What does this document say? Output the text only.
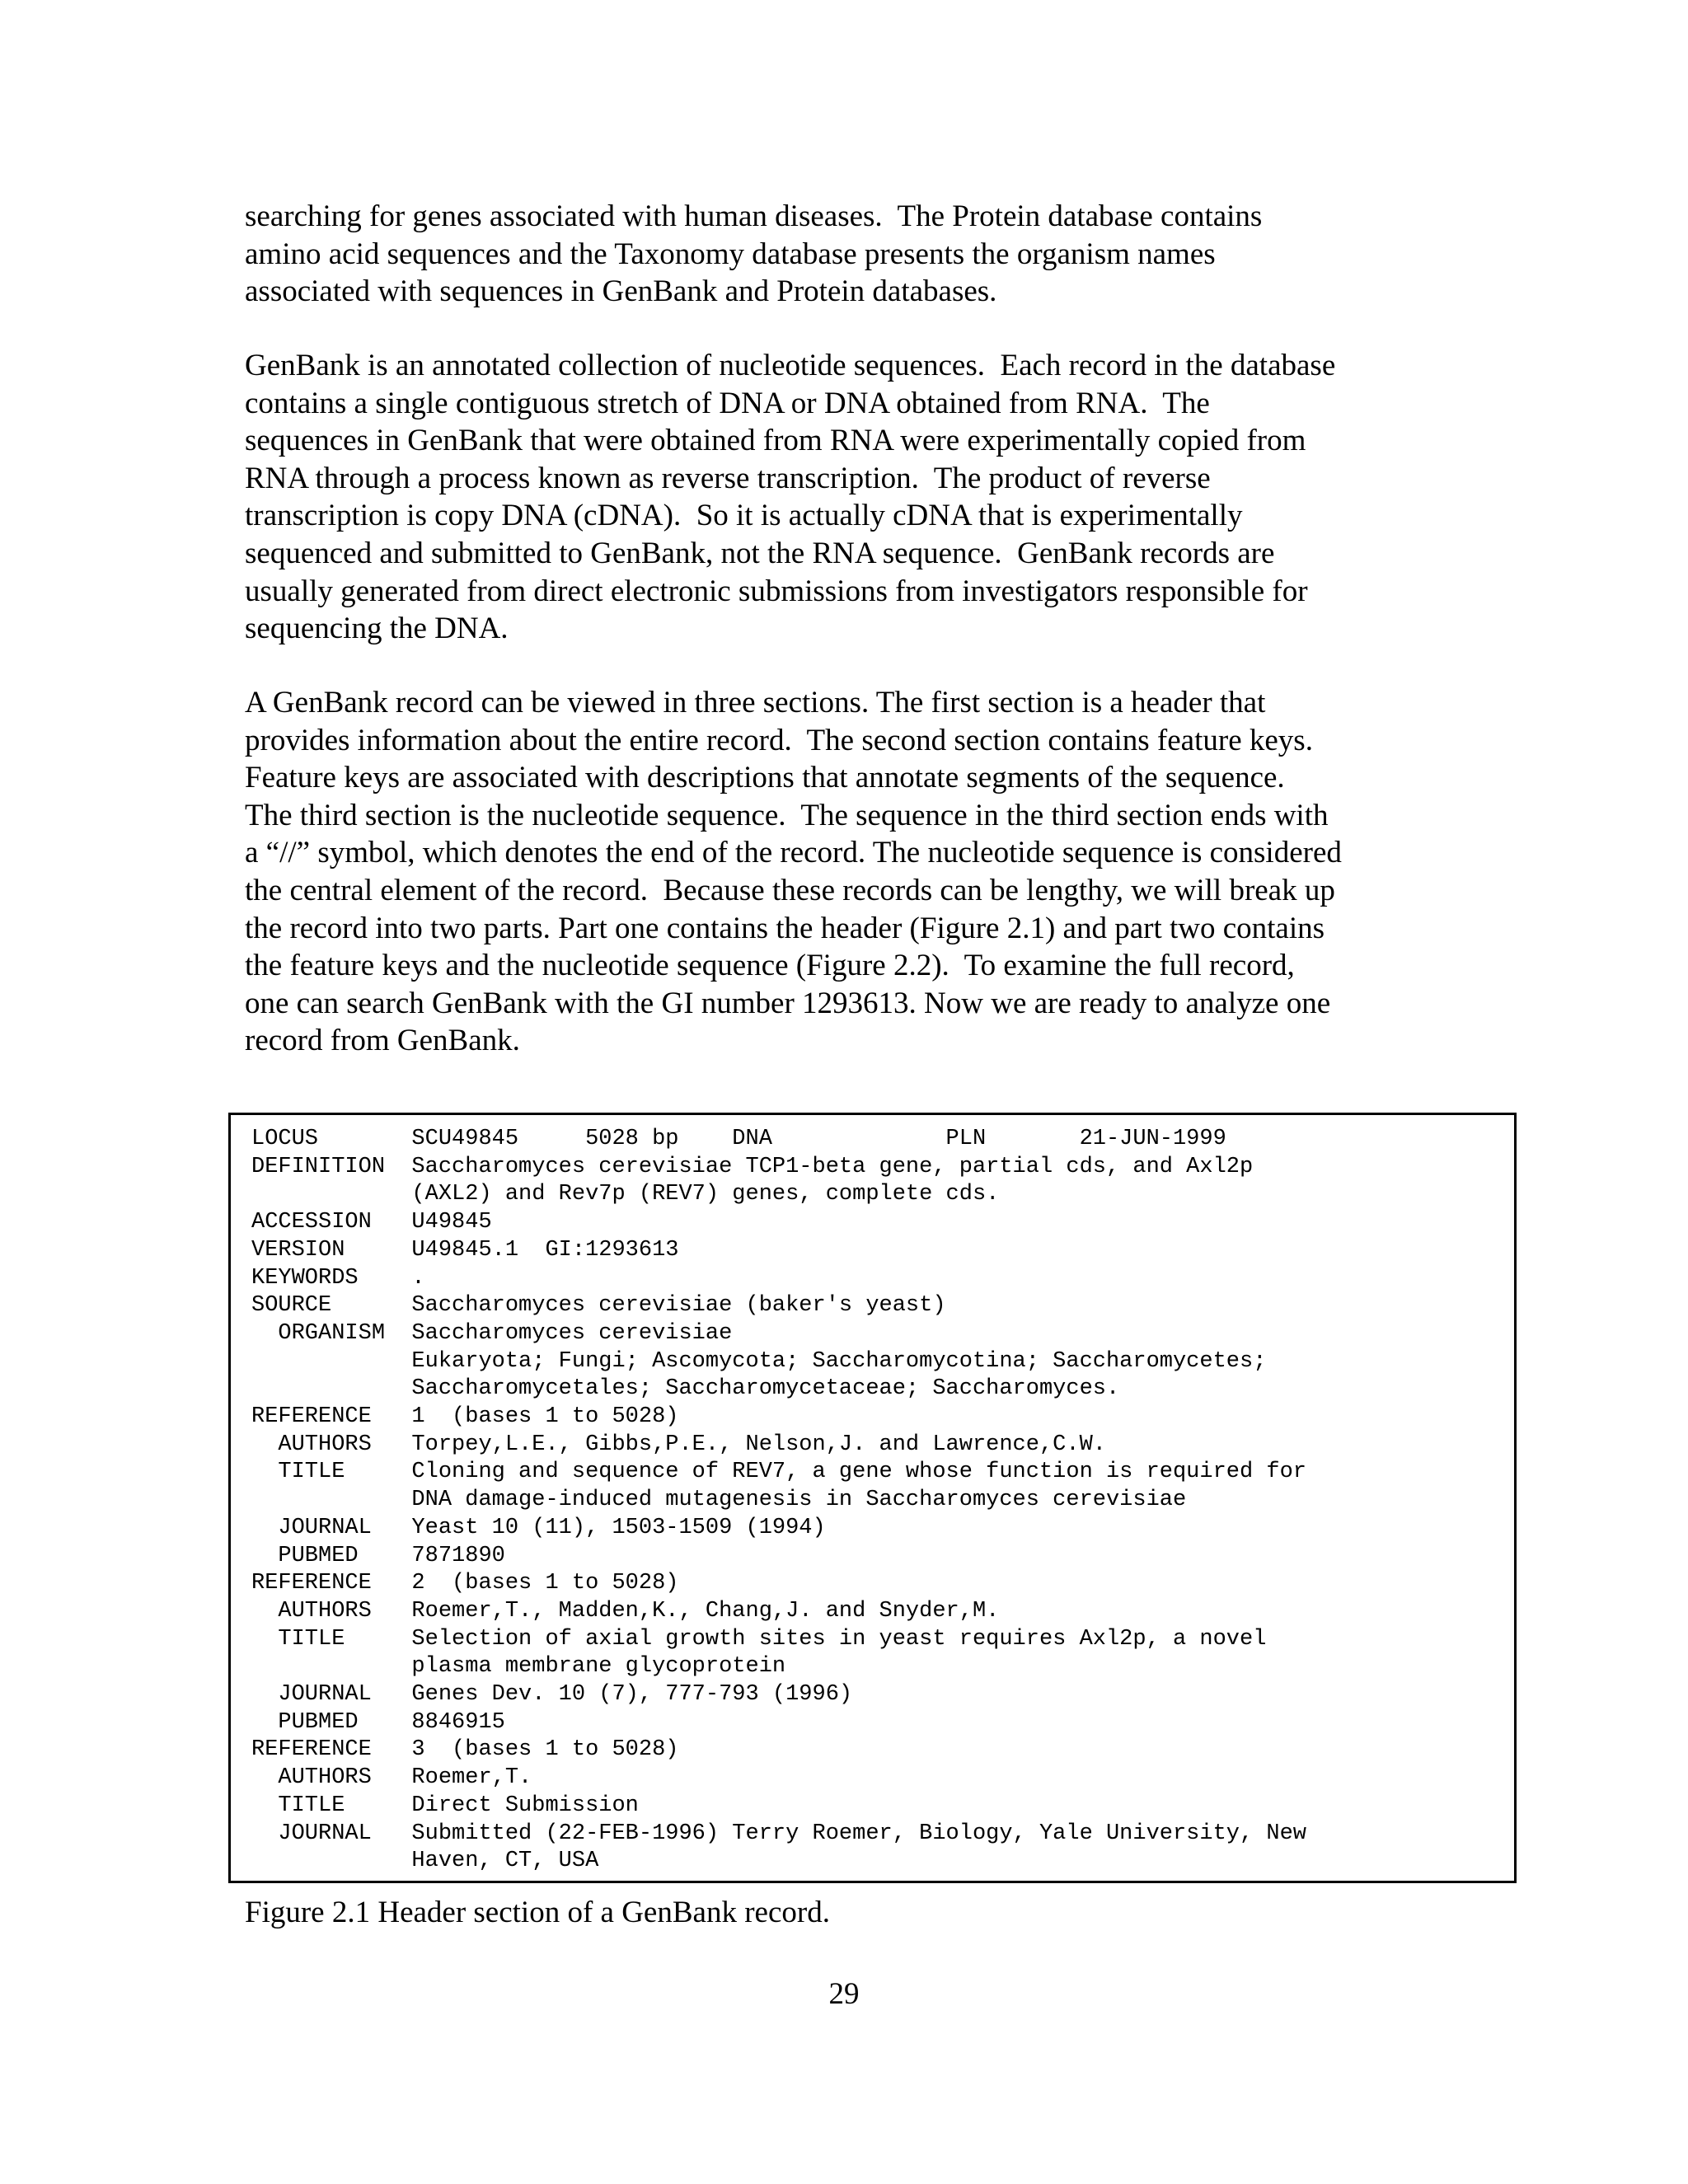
searching for genes associated with human diseases.  The Protein database contains
amino acid sequences and the Taxonomy database presents the organism names
associated with sequences in GenBank and Protein databases.

GenBank is an annotated collection of nucleotide sequences.  Each record in the database
contains a single contiguous stretch of DNA or DNA obtained from RNA.  The
sequences in GenBank that were obtained from RNA were experimentally copied from
RNA through a process known as reverse transcription.  The product of reverse
transcription is copy DNA (cDNA).  So it is actually cDNA that is experimentally
sequenced and submitted to GenBank, not the RNA sequence.  GenBank records are
usually generated from direct electronic submissions from investigators responsible for
sequencing the DNA.

A GenBank record can be viewed in three sections. The first section is a header that
provides information about the entire record.  The second section contains feature keys.
Feature keys are associated with descriptions that annotate segments of the sequence.
The third section is the nucleotide sequence.  The sequence in the third section ends with
a “//” symbol, which denotes the end of the record. The nucleotide sequence is considered
the central element of the record.  Because these records can be lengthy, we will break up
the record into two parts. Part one contains the header (Figure 2.1) and part two contains
the feature keys and the nucleotide sequence (Figure 2.2).  To examine the full record,
one can search GenBank with the GI number 1293613. Now we are ready to analyze one
record from GenBank.

LOCUS       SCU49845     5028 bp    DNA             PLN       21-JUN-1999
DEFINITION  Saccharomyces cerevisiae TCP1-beta gene, partial cds, and Axl2p
(AXL2) and Rev7p (REV7) genes, complete cds.
ACCESSION   U49845
VERSION     U49845.1  GI:1293613
KEYWORDS    .
SOURCE      Saccharomyces cerevisiae (baker's yeast)
ORGANISM  Saccharomyces cerevisiae
Eukaryota; Fungi; Ascomycota; Saccharomycotina; Saccharomycetes;
Saccharomycetales; Saccharomycetaceae; Saccharomyces.
REFERENCE   1  (bases 1 to 5028)
AUTHORS   Torpey,L.E., Gibbs,P.E., Nelson,J. and Lawrence,C.W.
TITLE     Cloning and sequence of REV7, a gene whose function is required for
DNA damage-induced mutagenesis in Saccharomyces cerevisiae
JOURNAL   Yeast 10 (11), 1503-1509 (1994)
PUBMED    7871890
REFERENCE   2  (bases 1 to 5028)
AUTHORS   Roemer,T., Madden,K., Chang,J. and Snyder,M.
TITLE     Selection of axial growth sites in yeast requires Axl2p, a novel
plasma membrane glycoprotein
JOURNAL   Genes Dev. 10 (7), 777-793 (1996)
PUBMED    8846915
REFERENCE   3  (bases 1 to 5028)
AUTHORS   Roemer,T.
TITLE     Direct Submission
JOURNAL   Submitted (22-FEB-1996) Terry Roemer, Biology, Yale University, New
Haven, CT, USA
Figure 2.1 Header section of a GenBank record.
29
